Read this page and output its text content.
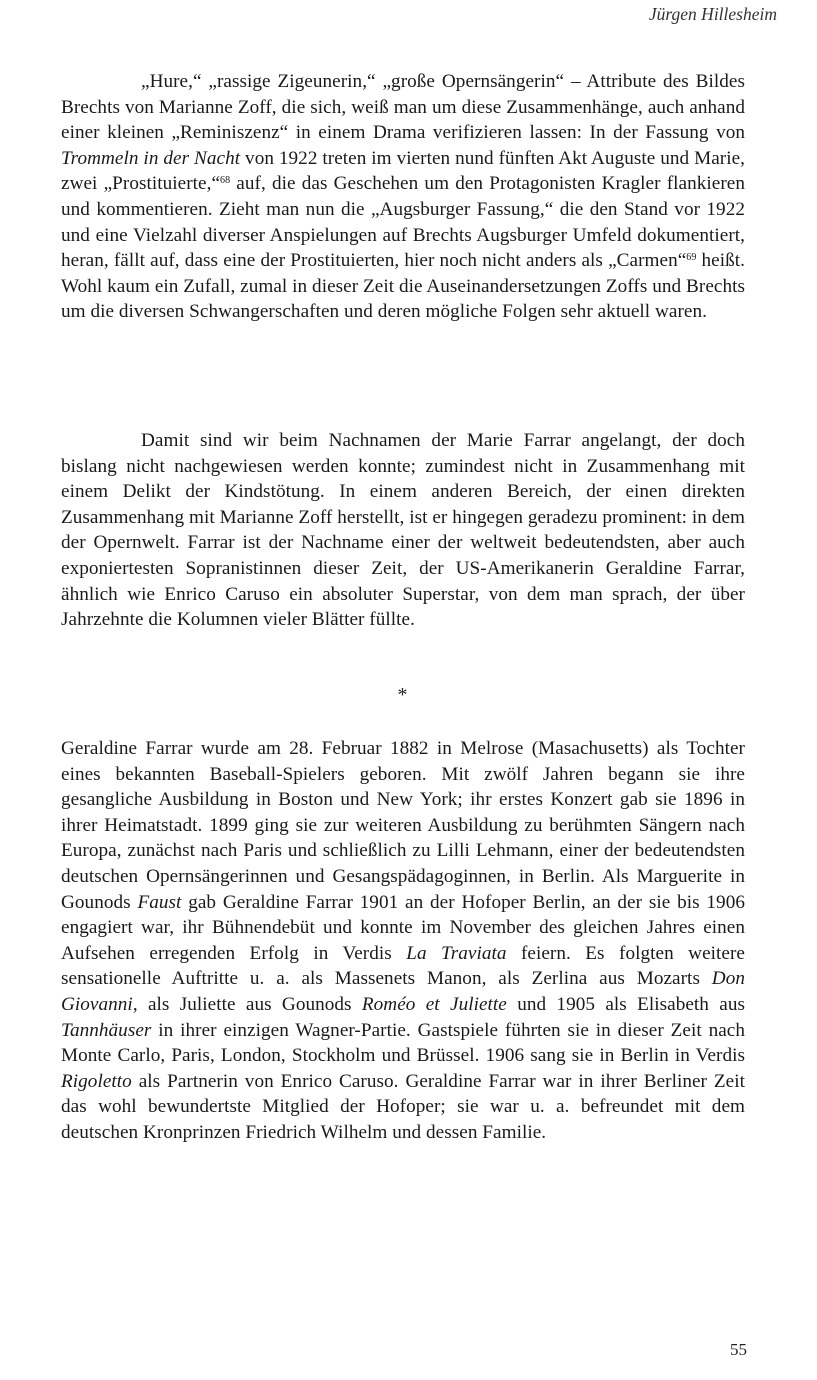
Jürgen Hillesheim

„Hure,“ „rassige Zigeunerin,“ „große Opernsängerin“ – Attribute des Bildes Brechts von Marianne Zoff, die sich, weiß man um diese Zusammenhänge, auch anhand einer kleinen „Reminiszenz“ in einem Drama verifizieren lassen: In der Fassung von Trommeln in der Nacht von 1922 treten im vierten nund fünften Akt Auguste und Marie, zwei „Prostituierte,“$^{68}$ auf, die das Geschehen um den Protagonisten Kragler flankieren und kommentieren. Zieht man nun die „Augsburger Fassung,“ die den Stand vor 1922 und eine Vielzahl diverser Anspielungen auf Brechts Augsburger Umfeld dokumentiert, heran, fällt auf, dass eine der Prostituierten, hier noch nicht anders als „Carmen“$^{69}$ heißt. Wohl kaum ein Zufall, zumal in dieser Zeit die Auseinandersetzungen Zoffs und Brechts um die diversen Schwangerschaften und deren mögliche Folgen sehr aktuell waren.

Damit sind wir beim Nachnamen der Marie Farrar angelangt, der doch bislang nicht nachgewiesen werden konnte; zumindest nicht in Zusammenhang mit einem Delikt der Kindstötung. In einem anderen Bereich, der einen direkten Zusammenhang mit Marianne Zoff herstellt, ist er hingegen geradezu prominent: in dem der Opernwelt. Farrar ist der Nachname einer der weltweit bedeutendsten, aber auch exponiertesten Sopranistinnen dieser Zeit, der US-Amerikanerin Geraldine Farrar, ähnlich wie Enrico Caruso ein absoluter Superstar, von dem man sprach, der über Jahrzehnte die Kolumnen vieler Blätter füllte.

*

Geraldine Farrar wurde am 28. Februar 1882 in Melrose (Masachusetts) als Tochter eines bekannten Baseball-Spielers geboren. Mit zwölf Jahren begann sie ihre gesangliche Ausbildung in Boston und New York; ihr erstes Konzert gab sie 1896 in ihrer Heimatstadt. 1899 ging sie zur weiteren Ausbildung zu berühmten Sängern nach Europa, zunächst nach Paris und schließlich zu Lilli Lehmann, einer der bedeutendsten deutschen Opernsängerinnen und Gesangspädagoginnen, in Berlin. Als Marguerite in Gounods Faust gab Geraldine Farrar 1901 an der Hofoper Berlin, an der sie bis 1906 engagiert war, ihr Bühnendebüt und konnte im November des gleichen Jahres einen Aufsehen erregenden Erfolg in Verdis La Traviata feiern. Es folgten weitere sensationelle Auftritte u. a. als Massenets Manon, als Zerlina aus Mozarts Don Giovanni, als Juliette aus Gounods Roméo et Juliette und 1905 als Elisabeth aus Tannhäuser in ihrer einzigen Wagner-Partie. Gastspiele führten sie in dieser Zeit nach Monte Carlo, Paris, London, Stockholm und Brüssel. 1906 sang sie in Berlin in Verdis Rigoletto als Partnerin von Enrico Caruso. Geraldine Farrar war in ihrer Berliner Zeit das wohl bewundertste Mitglied der Hofoper; sie war u. a. befreundet mit dem deutschen Kronprinzen Friedrich Wilhelm und dessen Familie.

55
